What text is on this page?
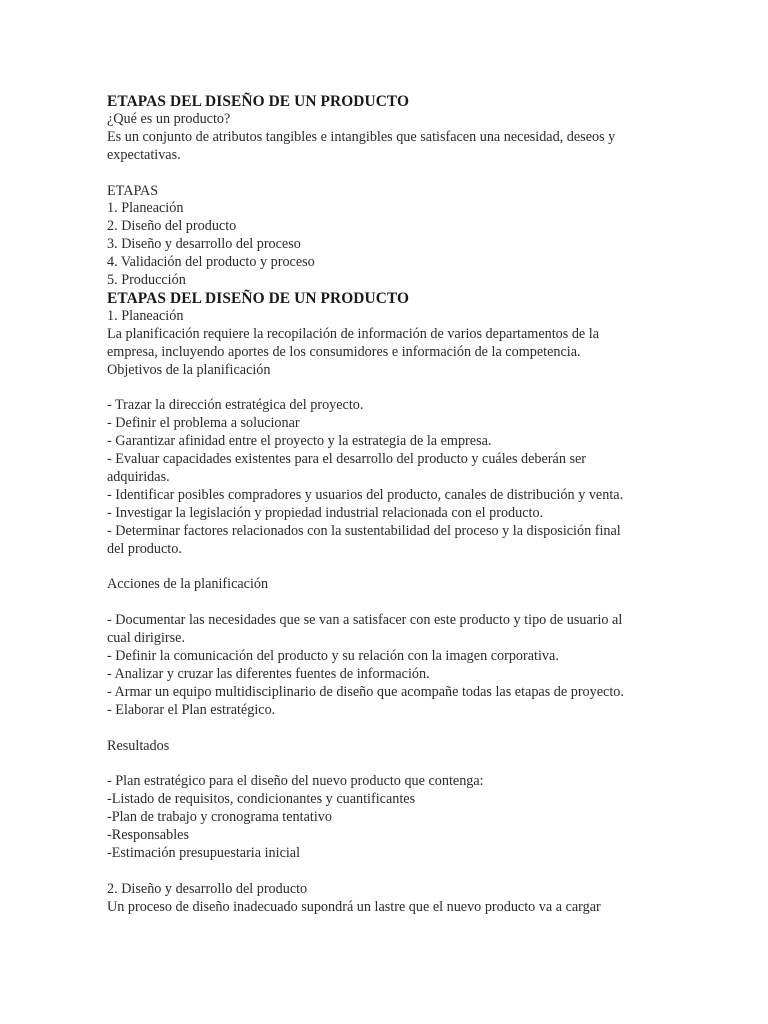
ETAPAS DEL DISEÑO DE UN PRODUCTO
¿Qué es un producto?
Es un conjunto de atributos tangibles e intangibles que satisfacen una necesidad, deseos y
expectativas.
ETAPAS
1. Planeación
2. Diseño del producto
3. Diseño y desarrollo del proceso
4. Validación del producto y proceso
5. Producción
ETAPAS DEL DISEÑO DE UN PRODUCTO
1. Planeación
La planificación requiere la recopilación de información de varios departamentos de la
empresa, incluyendo aportes de los consumidores e información de la competencia.
Objetivos de la planificación
- Trazar la dirección estratégica del proyecto.
- Definir el problema a solucionar
- Garantizar afinidad entre el proyecto y la estrategia de la empresa.
- Evaluar capacidades existentes para el desarrollo del producto y cuáles deberán ser
adquiridas.
- Identificar posibles compradores y usuarios del producto, canales de distribución y venta.
- Investigar la legislación y propiedad industrial relacionada con el producto.
- Determinar factores relacionados con la sustentabilidad del proceso y la disposición final
del producto.
Acciones de la planificación
- Documentar las necesidades que se van a satisfacer con este producto y tipo de usuario al
cual dirigirse.
- Definir la comunicación del producto y su relación con la imagen corporativa.
- Analizar y cruzar las diferentes fuentes de información.
- Armar un equipo multidisciplinario de diseño que acompañe todas las etapas de proyecto.
- Elaborar el Plan estratégico.
Resultados
- Plan estratégico para el diseño del nuevo producto que contenga:
-Listado de requisitos, condicionantes y cuantificantes
-Plan de trabajo y cronograma tentativo
-Responsables
-Estimación presupuestaria inicial
2. Diseño y desarrollo del producto
Un proceso de diseño inadecuado supondrá un lastre que el nuevo producto va a cargar
